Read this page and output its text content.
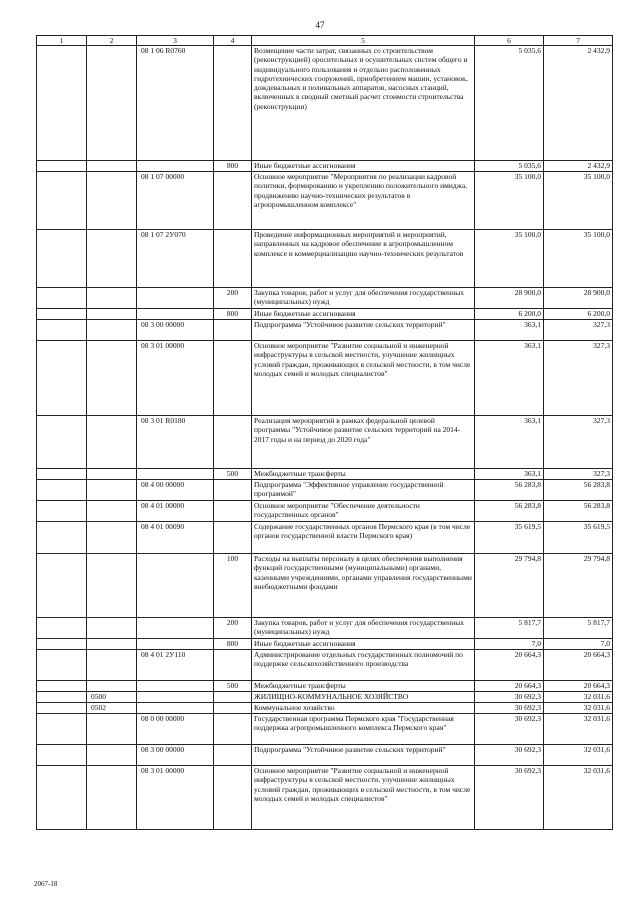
47
1	2	3	4	5	6	7
		08 1 06 R0760		Возмещение части затрат, связанных со строительством (реконструкцией) оросительных и осушительных систем общего и индивидуального пользования и отдельно расположенных гидротехнических сооружений, приобретением машин, установок, дождевальных и поливальных аппаратов, насосных станций, включенных в сводный сметный расчет стоимости строительства (реконструкции)	5 035,6	2 432,9
			800	Иные бюджетные ассигнования	5 035,6	2 432,9
		08 1 07 00000		Основное мероприятие "Мероприятия по реализации кадровой политики, формированию и укреплению положительного имиджа, продвижению научно-технических результатов в агропромышленном комплексе"	35 100,0	35 100,0
		08 1 07 2У070		Проведение информационных мероприятий и мероприятий, направленных на кадровое обеспечение в агропромышленном комплексе и коммерциализацию научно-технических результатов	35 100,0	35 100,0
			200	Закупка товаров, работ и услуг для обеспечения государственных (муниципальных) нужд	28 900,0	28 900,0
			800	Иные бюджетные ассигнования	6 200,0	6 200,0
		08 3 00 00000		Подпрограмма "Устойчивое развитие сельских территорий"	363,1	327,3
		08 3 01 00000		Основное мероприятие "Развитие социальной и инженерной инфраструктуры в сельской местности, улучшение жилищных условий граждан, проживающих в сельской местности, в том числе молодых семей и молодых специалистов"	363,1	327,3
		08 3 01 R0180		Реализация мероприятий в рамках федеральной целевой программы "Устойчивое развитие сельских территорий на 2014-2017 годы и на период до 2020 года"	363,1	327,3
			500	Межбюджетные трансферты	363,1	327,3
		08 4 00 00000		Подпрограмма "Эффективное управление государственной программой"	56 283,8	56 283,8
		08 4 01 00000		Основное мероприятие "Обеспечение деятельности государственных органов"	56 283,8	56 283,8
		08 4 01 00090		Содержание государственных органов Пермского края (в том числе органов государственной власти Пермского края)	35 619,5	35 619,5
			100	Расходы на выплаты персоналу в целях обеспечения выполнения функций государственными (муниципальными) органами, казенными учреждениями, органами управления государственными внебюджетными фондами	29 794,8	29 794,8
			200	Закупка товаров, работ и услуг для обеспечения государственных (муниципальных) нужд	5 817,7	5 817,7
			800	Иные бюджетные ассигнования	7,0	7,0
		08 4 01 2У110		Администрирование отдельных государственных полномочий по поддержке сельскохозяйственного производства	20 664,3	20 664,3
			500	Межбюджетные трансферты	20 664,3	20 664,3
	0500			ЖИЛИЩНО-КОММУНАЛЬНОЕ ХОЗЯЙСТВО	30 692,3	32 031,6
	0502			Коммунальное хозяйство	30 692,3	32 031,6
		08 0 00 00000		Государственная программа Пермского края "Государственная поддержка агропромышленного комплекса Пермского края"	30 692,3	32 031,6
		08 3 00 00000		Подпрограмма "Устойчивое развитие сельских территорий"	30 692,3	32 031,6
		08 3 01 00000		Основное мероприятие "Развитие социальной и инженерной инфраструктуры в сельской местности, улучшение жилищных условий граждан, проживающих в сельской местности, в том числе молодых семей и молодых специалистов"	30 692,3	32 031,6
2067-18
